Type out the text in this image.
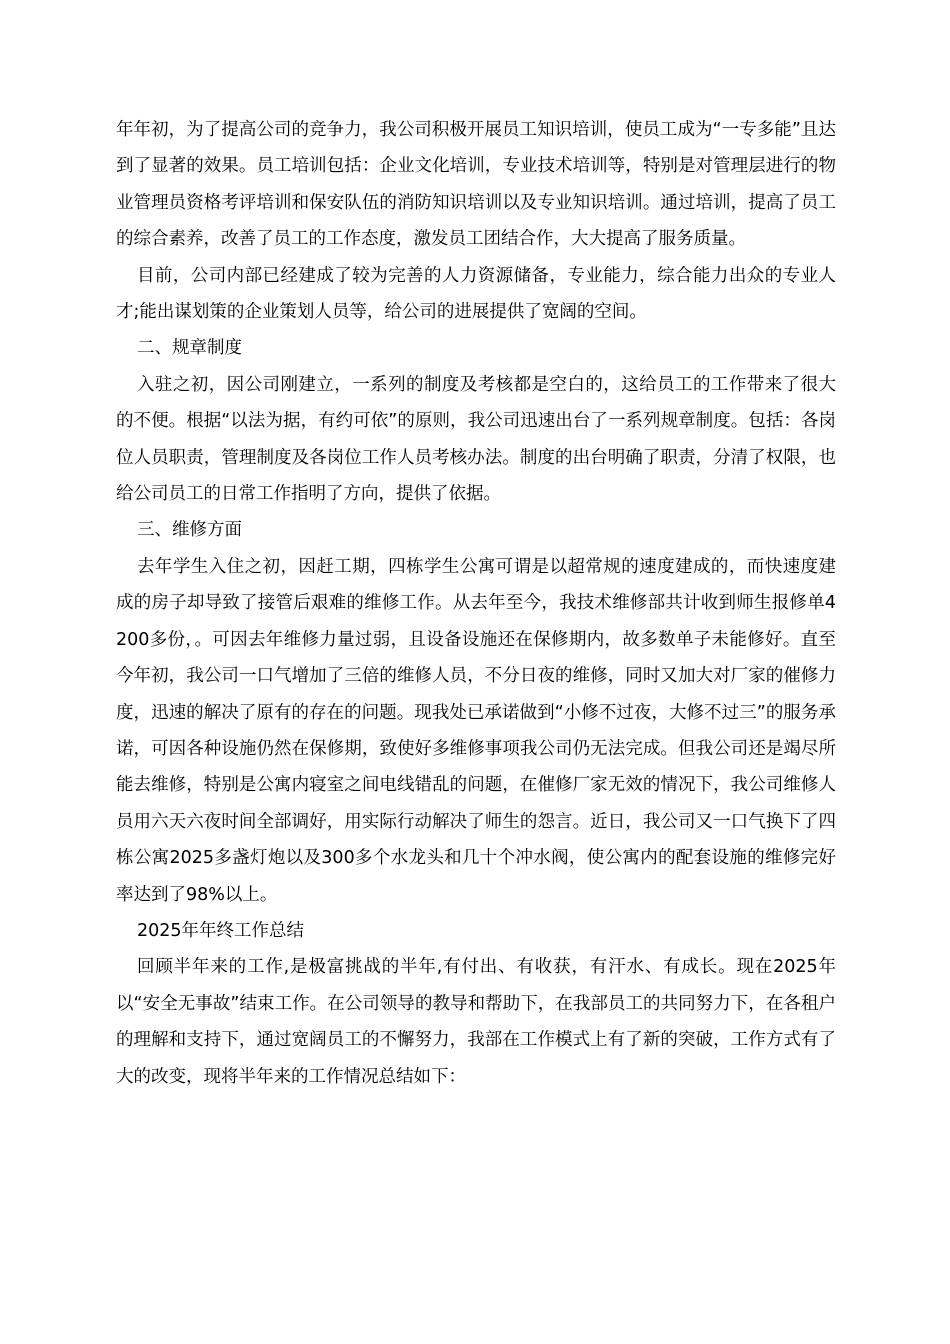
年年初，为了提高公司的竞争力，我公司积极开展员工知识培训，使员工成为“一专多能”且达到了显著的效果。员工培训包括：企业文化培训，专业技术培训等，特别是对管理层进行的物业管理员资格考评培训和保安队伍的消防知识培训以及专业知识培训。通过培训，提高了员工的综合素养，改善了员工的工作态度，激发员工团结合作，大大提高了服务质量。

目前，公司内部已经建成了较为完善的人力资源储备，专业能力，综合能力出众的专业人才;能出谋划策的企业策划人员等，给公司的进展提供了宽阔的空间。

二、规章制度

入驻之初，因公司刚建立，一系列的制度及考核都是空白的，这给员工的工作带来了很大的不便。根据“以法为据，有约可依”的原则，我公司迅速出台了一系列规章制度。包括：各岗位人员职责，管理制度及各岗位工作人员考核办法。制度的出台明确了职责，分清了权限，也给公司员工的日常工作指明了方向，提供了依据。

三、维修方面

去年学生入住之初，因赶工期，四栋学生公寓可谓是以超常规的速度建成的，而快速度建成的房子却导致了接管后艰难的维修工作。从去年至今，我技术维修部共计收到师生报修单4200多份，。可因去年维修力量过弱，且设备设施还在保修期内，故多数单子未能修好。直至今年初，我公司一口气增加了三倍的维修人员，不分日夜的维修，同时又加大对厂家的催修力度，迅速的解决了原有的存在的问题。现我处已承诺做到“小修不过夜，大修不过三”的服务承诺，可因各种设施仍然在保修期，致使好多维修事项我公司仍无法完成。但我公司还是竭尽所能去维修，特别是公寓内寝室之间电线错乱的问题，在催修厂家无效的情况下，我公司维修人员用六天六夜时间全部调好，用实际行动解决了师生的怨言。近日，我公司又一口气换下了四栋公寓2025多盏灯炮以及300多个水龙头和几十个冲水阀，使公寓内的配套设施的维修完好率达到了98%以上。

2025年年终工作总结

回顾半年来的工作,是极富挑战的半年,有付出、有收获，有汗水、有成长。现在2025年以“安全无事故”结束工作。在公司领导的教导和帮助下，在我部员工的共同努力下，在各租户的理解和支持下，通过宽阔员工的不懈努力，我部在工作模式上有了新的突破，工作方式有了大的改变，现将半年来的工作情况总结如下：
